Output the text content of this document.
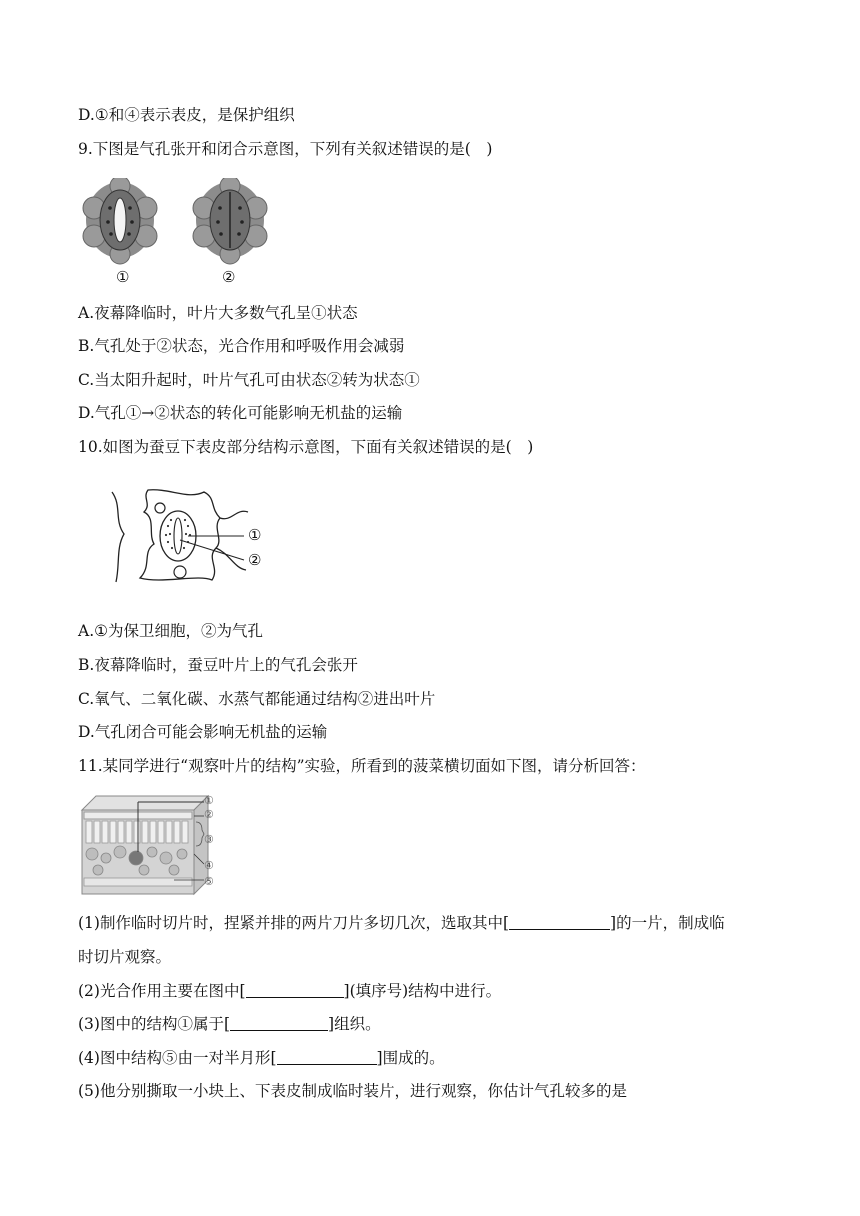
D.①和④表示表皮，是保护组织
9.下图是气孔张开和闭合示意图，下列有关叙述错误的是(　)
①	②
A.夜幕降临时，叶片大多数气孔呈①状态
B.气孔处于②状态，光合作用和呼吸作用会减弱
C.当太阳升起时，叶片气孔可由状态②转为状态①
D.气孔①→②状态的转化可能影响无机盐的运输
10.如图为蚕豆下表皮部分结构示意图，下面有关叙述错误的是(　)
①
②
A.①为保卫细胞，②为气孔
B.夜幕降临时，蚕豆叶片上的气孔会张开
C.氧气、二氧化碳、水蒸气都能通过结构②进出叶片
D.气孔闭合可能会影响无机盐的运输
11.某同学进行“观察叶片的结构”实验，所看到的菠菜横切面如下图，请分析回答：
①
②
③
④
⑤
(1)制作临时切片时，捏紧并排的两片刀片多切几次，选取其中[	]的一片，制成临
时切片观察。
(2)光合作用主要在图中[	](填序号)结构中进行。
(3)图中的结构①属于[	]组织。
(4)图中结构⑤由一对半月形[	]围成的。
(5)他分别撕取一小块上、下表皮制成临时装片，进行观察，你估计气孔较多的是
